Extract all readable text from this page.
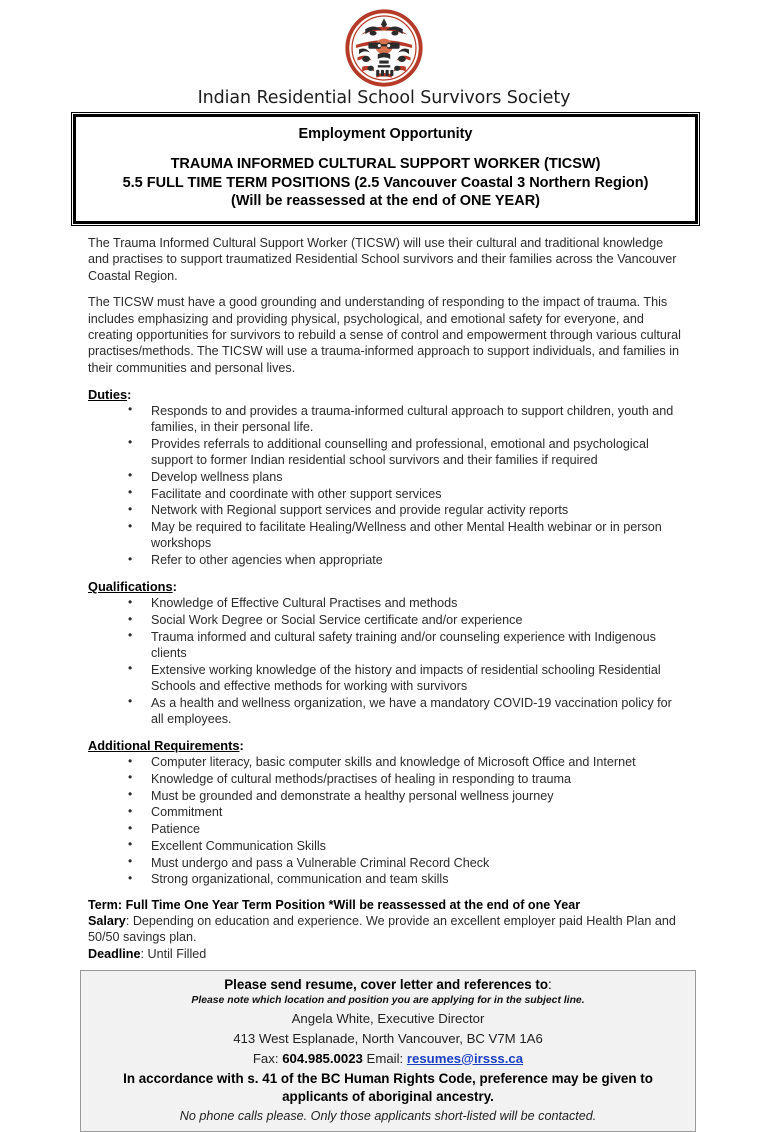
Indian Residential School Survivors Society
Employment Opportunity
TRAUMA INFORMED CULTURAL SUPPORT WORKER (TICSW)
5.5 FULL TIME TERM POSITIONS (2.5 Vancouver Coastal 3 Northern Region)
(Will be reassessed at the end of ONE YEAR)

The Trauma Informed Cultural Support Worker (TICSW) will use their cultural and traditional knowledge and practises to support traumatized Residential School survivors and their families across the Vancouver Coastal Region.

The TICSW must have a good grounding and understanding of responding to the impact of trauma. This includes emphasizing and providing physical, psychological, and emotional safety for everyone, and creating opportunities for survivors to rebuild a sense of control and empowerment through various cultural practises/methods. The TICSW will use a trauma-informed approach to support individuals, and families in their communities and personal lives.

Duties:
• Responds to and provides a trauma-informed cultural approach to support children, youth and families, in their personal life.
• Provides referrals to additional counselling and professional, emotional and psychological support to former Indian residential school survivors and their families if required
• Develop wellness plans
• Facilitate and coordinate with other support services
• Network with Regional support services and provide regular activity reports
• May be required to facilitate Healing/Wellness and other Mental Health webinar or in person workshops
• Refer to other agencies when appropriate
Qualifications:
• Knowledge of Effective Cultural Practises and methods
• Social Work Degree or Social Service certificate and/or experience
• Trauma informed and cultural safety training and/or counseling experience with Indigenous clients
• Extensive working knowledge of the history and impacts of residential schooling Residential Schools and effective methods for working with survivors
• As a health and wellness organization, we have a mandatory COVID-19 vaccination policy for all employees.
Additional Requirements:
• Computer literacy, basic computer skills and knowledge of Microsoft Office and Internet
• Knowledge of cultural methods/practises of healing in responding to trauma
• Must be grounded and demonstrate a healthy personal wellness journey
• Commitment
• Patience
• Excellent Communication Skills
• Must undergo and pass a Vulnerable Criminal Record Check
• Strong organizational, communication and team skills
Term: Full Time One Year Term Position *Will be reassessed at the end of one Year
Salary: Depending on education and experience. We provide an excellent employer paid Health Plan and 50/50 savings plan.
Deadline: Until Filled
Please send resume, cover letter and references to:
Please note which location and position you are applying for in the subject line.
Angela White, Executive Director
413 West Esplanade, North Vancouver, BC V7M 1A6
Fax: 604.985.0023 Email: resumes@irsss.ca
In accordance with s. 41 of the BC Human Rights Code, preference may be given to applicants of aboriginal ancestry.
No phone calls please. Only those applicants short-listed will be contacted.
